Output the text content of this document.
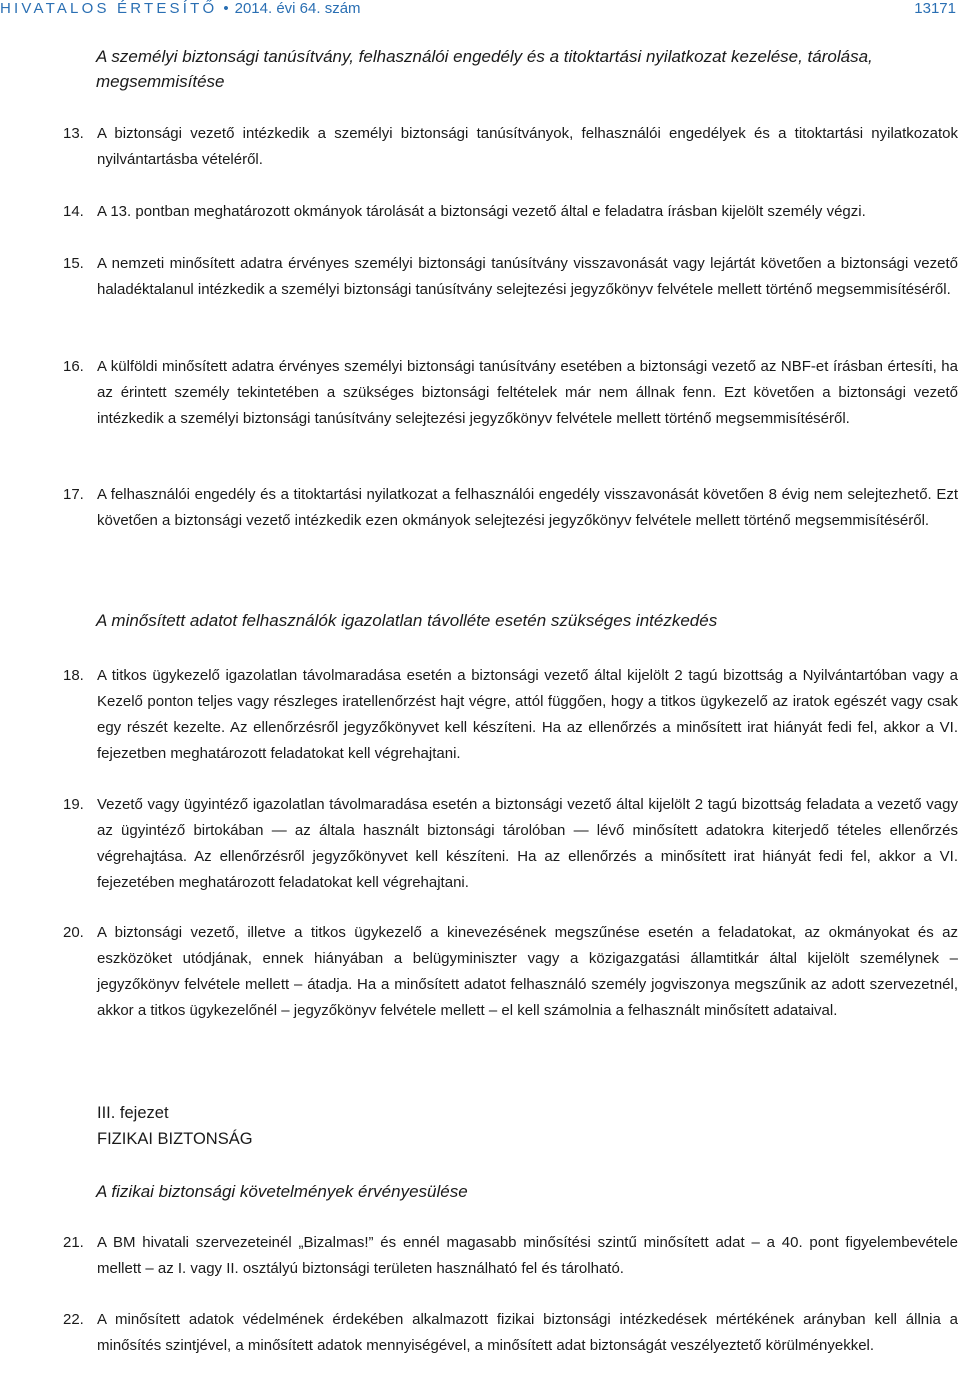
HIVATALOS ÉRTESÍTŐ • 2014. évi 64. szám	13171
A személyi biztonsági tanúsítvány, felhasználói engedély és a titoktartási nyilatkozat kezelése, tárolása, megsemmisítése
13. A biztonsági vezető intézkedik a személyi biztonsági tanúsítványok, felhasználói engedélyek és a titoktartási nyilatkozatok nyilvántartásba vételéről.
14. A 13. pontban meghatározott okmányok tárolását a biztonsági vezető által e feladatra írásban kijelölt személy végzi.
15. A nemzeti minősített adatra érvényes személyi biztonsági tanúsítvány visszavonását vagy lejártát követően a biztonsági vezető haladéktalanul intézkedik a személyi biztonsági tanúsítvány selejtezési jegyzőkönyv felvétele mellett történő megsemmisítéséről.
16. A külföldi minősített adatra érvényes személyi biztonsági tanúsítvány esetében a biztonsági vezető az NBF-et írásban értesíti, ha az érintett személy tekintetében a szükséges biztonsági feltételek már nem állnak fenn. Ezt követően a biztonsági vezető intézkedik a személyi biztonsági tanúsítvány selejtezési jegyzőkönyv felvétele mellett történő megsemmisítéséről.
17. A felhasználói engedély és a titoktartási nyilatkozat a felhasználói engedély visszavonását követően 8 évig nem selejtezhető. Ezt követően a biztonsági vezető intézkedik ezen okmányok selejtezési jegyzőkönyv felvétele mellett történő megsemmisítéséről.
A minősített adatot felhasználók igazolatlan távolléte esetén szükséges intézkedés
18. A titkos ügykezelő igazolatlan távolmaradása esetén a biztonsági vezető által kijelölt 2 tagú bizottság a Nyilvántartóban vagy a Kezelő ponton teljes vagy részleges iratellenőrzést hajt végre, attól függően, hogy a titkos ügykezelő az iratok egészét vagy csak egy részét kezelte. Az ellenőrzésről jegyzőkönyvet kell készíteni. Ha az ellenőrzés a minősített irat hiányát fedi fel, akkor a VI. fejezetben meghatározott feladatokat kell végrehajtani.
19. Vezető vagy ügyintéző igazolatlan távolmaradása esetén a biztonsági vezető által kijelölt 2 tagú bizottság feladata a vezető vagy az ügyintéző birtokában — az általa használt biztonsági tárolóban — lévő minősített adatokra kiterjedő tételes ellenőrzés végrehajtása. Az ellenőrzésről jegyzőkönyvet kell készíteni. Ha az ellenőrzés a minősített irat hiányát fedi fel, akkor a VI. fejezetében meghatározott feladatokat kell végrehajtani.
20. A biztonsági vezető, illetve a titkos ügykezelő a kinevezésének megszűnése esetén a feladatokat, az okmányokat és az eszközöket utódjának, ennek hiányában a belügyminiszter vagy a közigazgatási államtitkár által kijelölt személynek – jegyzőkönyv felvétele mellett – átadja. Ha a minősített adatot felhasználó személy jogviszonya megszűnik az adott szervezetnél, akkor a titkos ügykezelőnél – jegyzőkönyv felvétele mellett – el kell számolnia a felhasznált minősített adataival.
III. fejezet
FIZIKAI BIZTONSÁG
A fizikai biztonsági követelmények érvényesülése
21. A BM hivatali szervezeteinél „Bizalmas!” és ennél magasabb minősítési szintű minősített adat – a 40. pont figyelembevétele mellett – az I. vagy II. osztályú biztonsági területen használható fel és tárolható.
22. A minősített adatok védelmének érdekében alkalmazott fizikai biztonsági intézkedések mértékének arányban kell állnia a minősítés szintjével, a minősített adatok mennyiségével, a minősített adat biztonságát veszélyeztető körülményekkel.
